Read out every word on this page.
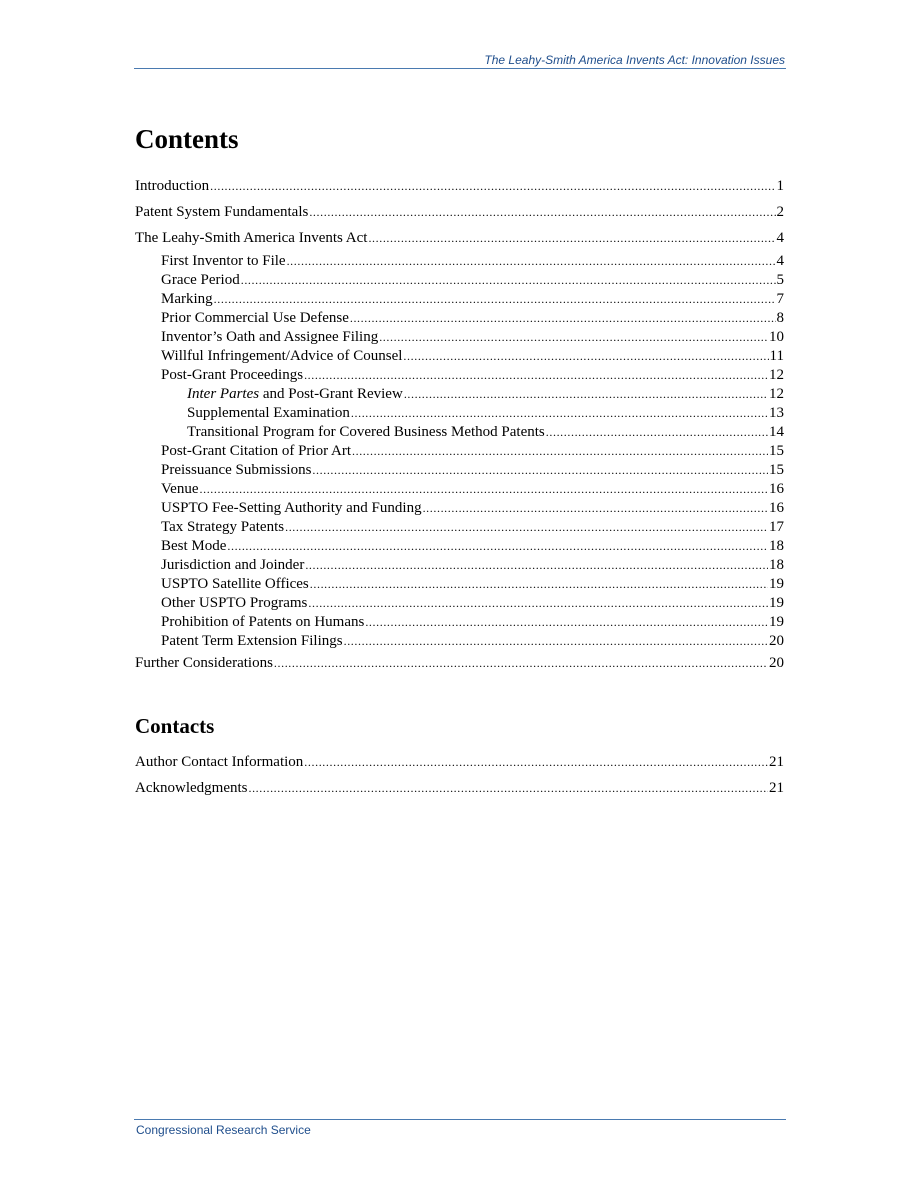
The Leahy-Smith America Invents Act: Innovation Issues
Contents
Introduction .....	1
Patent System Fundamentals .....	2
The Leahy-Smith America Invents Act .....	4
First Inventor to File .....	4
Grace Period .....	5
Marking .....	7
Prior Commercial Use Defense .....	8
Inventor’s Oath and Assignee Filing .....	10
Willful Infringement/Advice of Counsel .....	11
Post-Grant Proceedings .....	12
Inter Partes and Post-Grant Review .....	12
Supplemental Examination .....	13
Transitional Program for Covered Business Method Patents .....	14
Post-Grant Citation of Prior Art .....	15
Preissuance Submissions .....	15
Venue .....	16
USPTO Fee-Setting Authority and Funding .....	16
Tax Strategy Patents .....	17
Best Mode .....	18
Jurisdiction and Joinder .....	18
USPTO Satellite Offices .....	19
Other USPTO Programs .....	19
Prohibition of Patents on Humans .....	19
Patent Term Extension Filings .....	20
Further Considerations .....	20
Contacts
Author Contact Information .....	21
Acknowledgments .....	21
Congressional Research Service
